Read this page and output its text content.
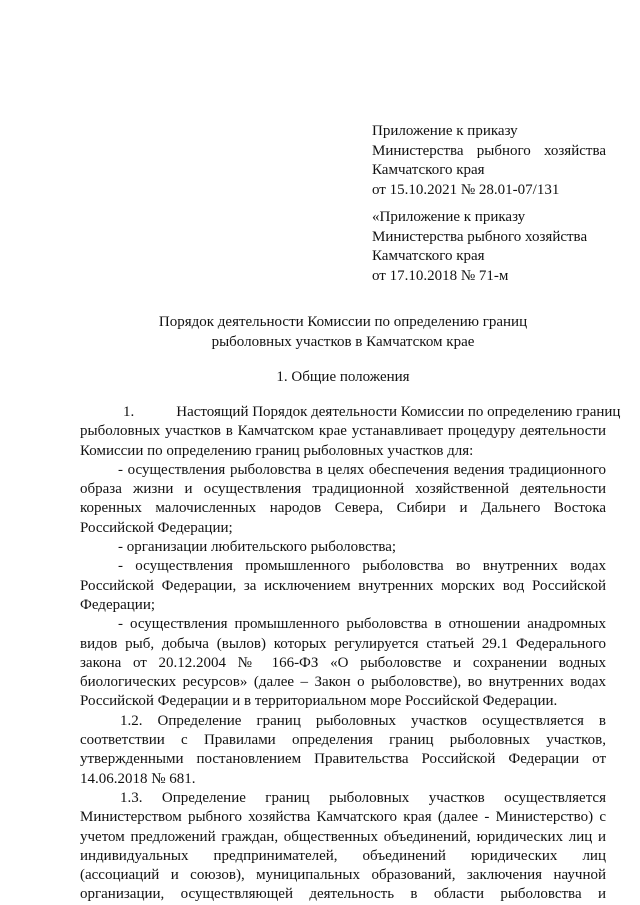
Приложение к приказу
Министерства рыбного хозяйства
Камчатского края
от 15.10.2021 № 28.01-07/131
«Приложение к приказу
Министерства рыбного хозяйства
Камчатского края
от 17.10.2018 № 71-м
Порядок деятельности Комиссии по определению границ
рыболовных участков в Камчатском крае
1. Общие положения
1.	Настоящий Порядок деятельности Комиссии по определению границ
рыболовных участков в Камчатском крае устанавливает процедуру деятельности
Комиссии по определению границ рыболовных участков для:
- осуществления рыболовства в целях обеспечения ведения традиционного
образа жизни и осуществления традиционной хозяйственной деятельности
коренных малочисленных народов Севера, Сибири и Дальнего Востока
Российской Федерации;
- организации любительского рыболовства;
- осуществления промышленного рыболовства во внутренних водах
Российской Федерации, за исключением внутренних морских вод Российской
Федерации;
- осуществления промышленного рыболовства в отношении анадромных
видов рыб, добыча (вылов) которых регулируется статьей 29.1 Федерального
закона от 20.12.2004 № 166-ФЗ «О рыболовстве и сохранении водных
биологических ресурсов» (далее – Закон о рыболовстве), во внутренних водах
Российской Федерации и в территориальном море Российской Федерации.
1.2. Определение границ рыболовных участков осуществляется в
соответствии с Правилами определения границ рыболовных участков,
утвержденными постановлением Правительства Российской Федерации от
14.06.2018 № 681.
1.3. Определение границ рыболовных участков осуществляется
Министерством рыбного хозяйства Камчатского края (далее - Министерство) с
учетом предложений граждан, общественных объединений, юридических лиц и
индивидуальных предпринимателей, объединений юридических лиц
(ассоциаций и союзов), муниципальных образований, заключения научной
организации, осуществляющей деятельность в области рыболовства и
